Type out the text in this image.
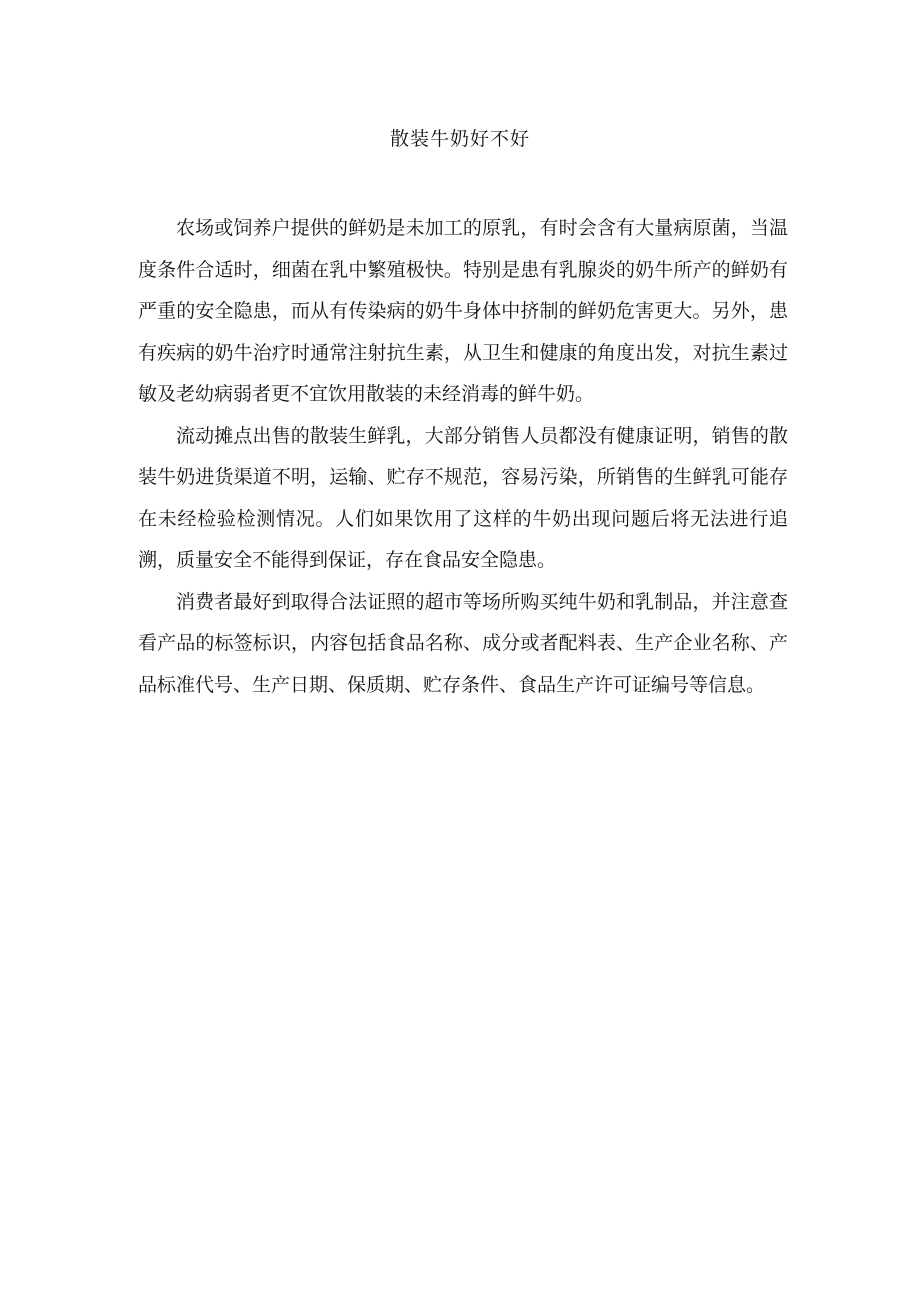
散装牛奶好不好

农场或饲养户提供的鲜奶是未加工的原乳，有时会含有大量病原菌，当温度条件合适时，细菌在乳中繁殖极快。特别是患有乳腺炎的奶牛所产的鲜奶有严重的安全隐患，而从有传染病的奶牛身体中挤制的鲜奶危害更大。另外，患有疾病的奶牛治疗时通常注射抗生素，从卫生和健康的角度出发，对抗生素过敏及老幼病弱者更不宜饮用散装的未经消毒的鲜牛奶。

流动摊点出售的散装生鲜乳，大部分销售人员都没有健康证明，销售的散装牛奶进货渠道不明，运输、贮存不规范，容易污染，所销售的生鲜乳可能存在未经检验检测情况。人们如果饮用了这样的牛奶出现问题后将无法进行追溯，质量安全不能得到保证，存在食品安全隐患。

消费者最好到取得合法证照的超市等场所购买纯牛奶和乳制品，并注意查看产品的标签标识，内容包括食品名称、成分或者配料表、生产企业名称、产品标准代号、生产日期、保质期、贮存条件、食品生产许可证编号等信息。
